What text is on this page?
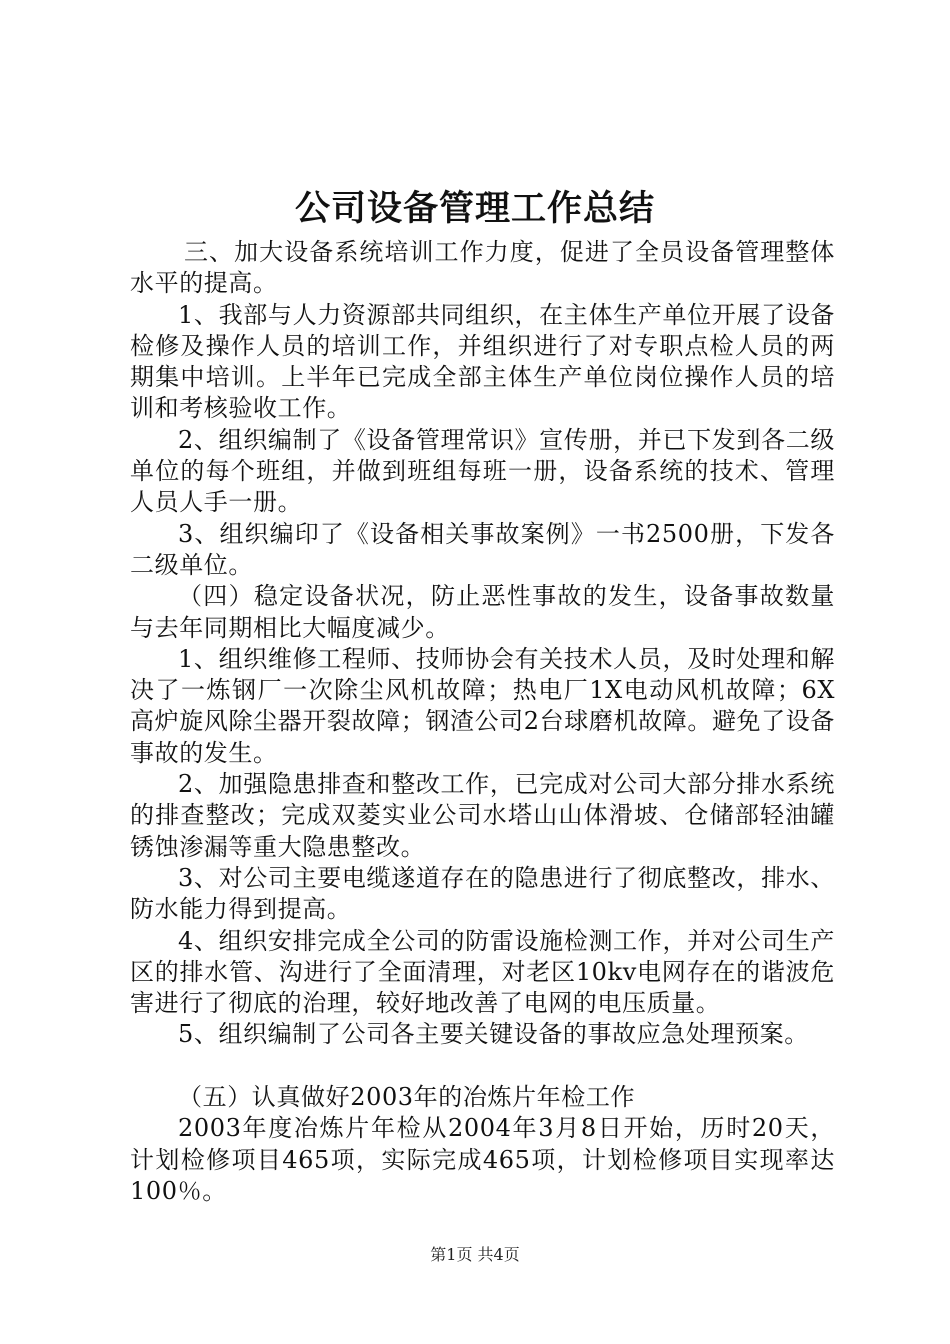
公司设备管理工作总结

三、加大设备系统培训工作力度，促进了全员设备管理整体水平的提高。

1、我部与人力资源部共同组织，在主体生产单位开展了设备检修及操作人员的培训工作，并组织进行了对专职点检人员的两期集中培训。上半年已完成全部主体生产单位岗位操作人员的培训和考核验收工作。

2、组织编制了《设备管理常识》宣传册，并已下发到各二级单位的每个班组，并做到班组每班一册，设备系统的技术、管理人员人手一册。

3、组织编印了《设备相关事故案例》一书2500册，下发各二级单位。

（四）稳定设备状况，防止恶性事故的发生，设备事故数量与去年同期相比大幅度减少。

1、组织维修工程师、技师协会有关技术人员，及时处理和解决了一炼钢厂一次除尘风机故障；热电厂1X电动风机故障；6X高炉旋风除尘器开裂故障；钢渣公司2台球磨机故障。避免了设备事故的发生。

2、加强隐患排查和整改工作，已完成对公司大部分排水系统的排查整改；完成双菱实业公司水塔山山体滑坡、仓储部轻油罐锈蚀渗漏等重大隐患整改。

3、对公司主要电缆遂道存在的隐患进行了彻底整改，排水、防水能力得到提高。

4、组织安排完成全公司的防雷设施检测工作，并对公司生产区的排水管、沟进行了全面清理，对老区10kv电网存在的谐波危害进行了彻底的治理，较好地改善了电网的电压质量。

5、组织编制了公司各主要关键设备的事故应急处理预案。

（五）认真做好2003年的冶炼片年检工作

2003年度冶炼片年检从2004年3月8日开始，历时20天，计划检修项目465项，实际完成465项，计划检修项目实现率达100％。

第1页 共4页
